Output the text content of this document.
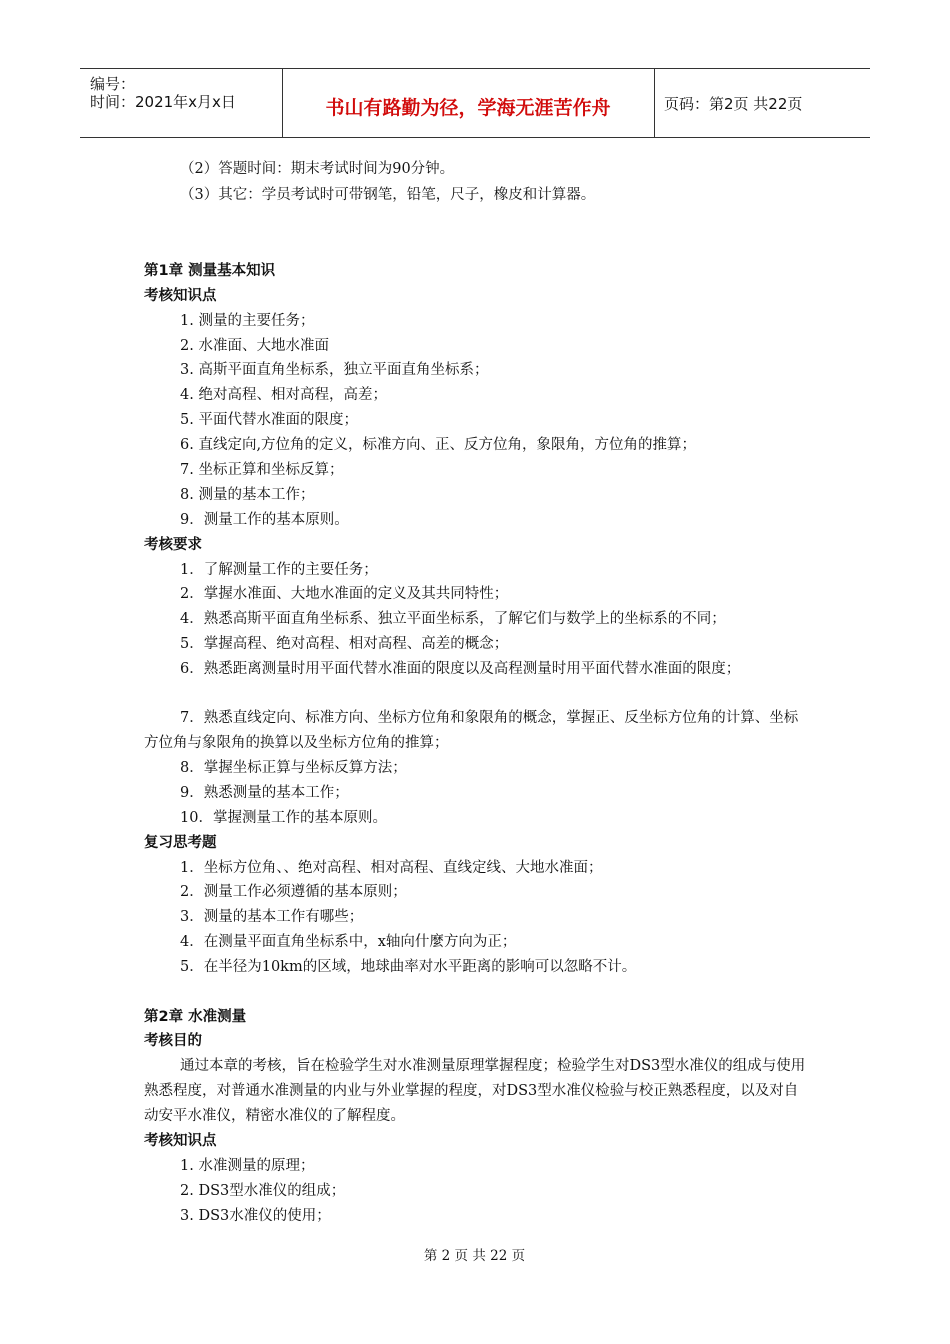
编号：
时间：2021年x月x日	书山有路勤为径，学海无涯苦作舟	页码：第2页 共22页
（2）答题时间：期末考试时间为90分钟。
（3）其它：学员考试时可带钢笔，铅笔，尺子，橡皮和计算器。
第1章 测量基本知识
考核知识点
1. 测量的主要任务；
2. 水准面、大地水准面
3. 高斯平面直角坐标系，独立平面直角坐标系；
4. 绝对高程、相对高程，高差；
5. 平面代替水准面的限度；
6. 直线定向,方位角的定义，标准方向、正、反方位角，象限角，方位角的推算；
7. 坐标正算和坐标反算；
8. 测量的基本工作；
9．测量工作的基本原则。
考核要求
1．了解测量工作的主要任务；
2．掌握水准面、大地水准面的定义及其共同特性；
4．熟悉高斯平面直角坐标系、独立平面坐标系，了解它们与数学上的坐标系的不同；
5．掌握高程、绝对高程、相对高程、高差的概念；
6．熟悉距离测量时用平面代替水准面的限度以及高程测量时用平面代替水准面的限度；
7．熟悉直线定向、标准方向、坐标方位角和象限角的概念，掌握正、反坐标方位角的计算、坐标方位角与象限角的换算以及坐标方位角的推算；
8．掌握坐标正算与坐标反算方法；
9．熟悉测量的基本工作；
10．掌握测量工作的基本原则。
复习思考题
1．坐标方位角、、绝对高程、相对高程、直线定线、大地水准面；
2．测量工作必须遵循的基本原则；
3．测量的基本工作有哪些；
4．在测量平面直角坐标系中，x轴向什麼方向为正；
5．在半径为10km的区域，地球曲率对水平距离的影响可以忽略不计。
第2章 水准测量
考核目的
通过本章的考核，旨在检验学生对水准测量原理掌握程度；检验学生对DS3型水准仪的组成与使用熟悉程度，对普通水准测量的内业与外业掌握的程度，对DS3型水准仪检验与校正熟悉程度，以及对自动安平水准仪，精密水准仪的了解程度。
考核知识点
1. 水准测量的原理；
2. DS3型水准仪的组成；
3. DS3水准仪的使用；
第 2 页 共 22 页
